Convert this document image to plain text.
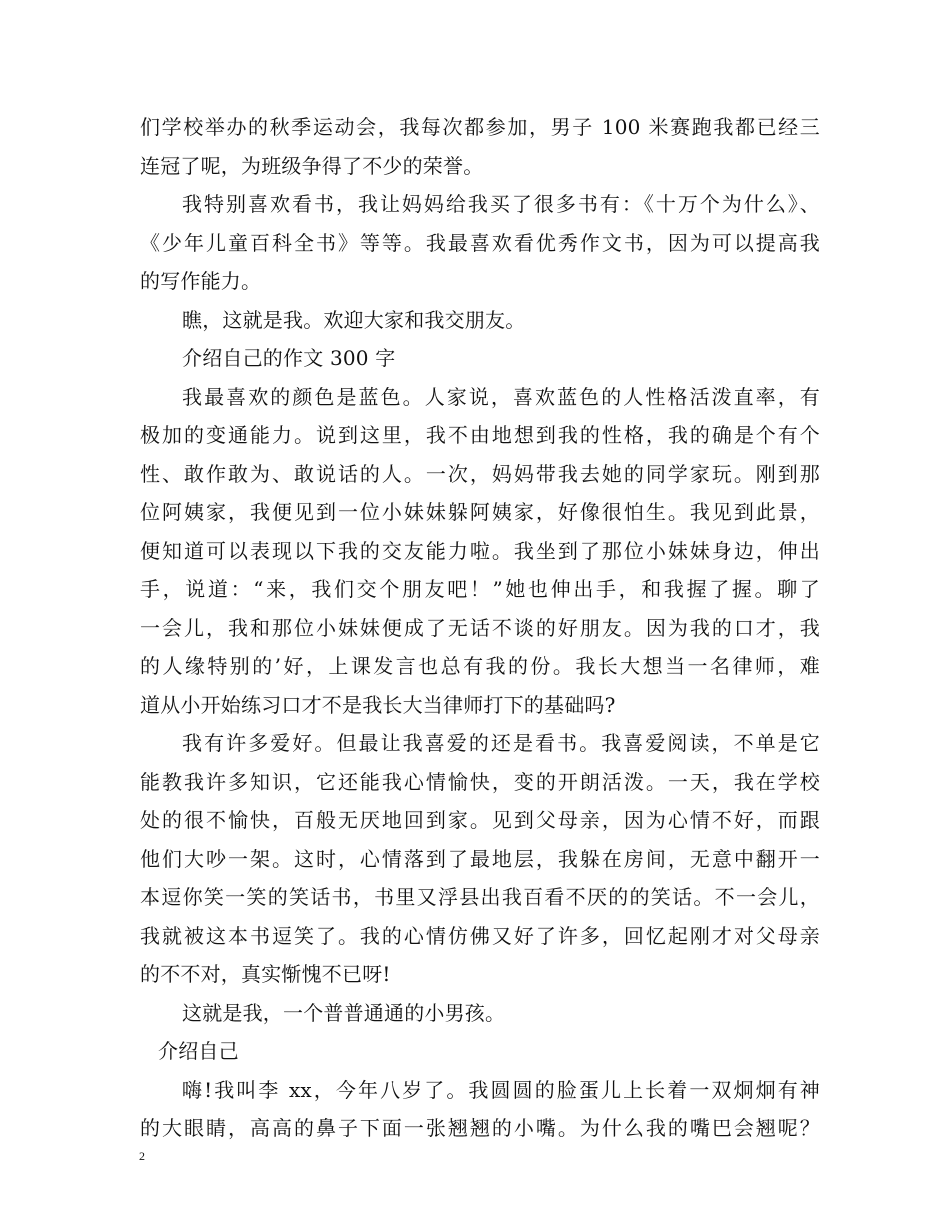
们学校举办的秋季运动会，我每次都参加，男子 100 米赛跑我都已经三
连冠了呢，为班级争得了不少的荣誉。
我特别喜欢看书，我让妈妈给我买了很多书有：《十万个为什么》、
《少年儿童百科全书》等等。我最喜欢看优秀作文书，因为可以提高我
的写作能力。
瞧，这就是我。欢迎大家和我交朋友。
介绍自己的作文 300 字
我最喜欢的颜色是蓝色。人家说，喜欢蓝色的人性格活泼直率，有
极加的变通能力。说到这里，我不由地想到我的性格，我的确是个有个
性、敢作敢为、敢说话的人。一次，妈妈带我去她的同学家玩。刚到那
位阿姨家，我便见到一位小妹妹躲阿姨家，好像很怕生。我见到此景，
便知道可以表现以下我的交友能力啦。我坐到了那位小妹妹身边，伸出
手，说道：“来，我们交个朋友吧！”她也伸出手，和我握了握。聊了
一会儿，我和那位小妹妹便成了无话不谈的好朋友。因为我的口才，我
的人缘特别的’好，上课发言也总有我的份。我长大想当一名律师，难
道从小开始练习口才不是我长大当律师打下的基础吗?
我有许多爱好。但最让我喜爱的还是看书。我喜爱阅读，不单是它
能教我许多知识，它还能我心情愉快，变的开朗活泼。一天，我在学校
处的很不愉快，百般无厌地回到家。见到父母亲，因为心情不好，而跟
他们大吵一架。这时，心情落到了最地层，我躲在房间，无意中翻开一
本逗你笑一笑的笑话书，书里又浮县出我百看不厌的的笑话。不一会儿，
我就被这本书逗笑了。我的心情仿佛又好了许多，回忆起刚才对父母亲
的不不对，真实惭愧不已呀!
这就是我，一个普普通通的小男孩。
介绍自己
嗨!我叫李 xx，今年八岁了。我圆圆的脸蛋儿上长着一双炯炯有神
的大眼睛，高高的鼻子下面一张翘翘的小嘴。为什么我的嘴巴会翘呢？
2
